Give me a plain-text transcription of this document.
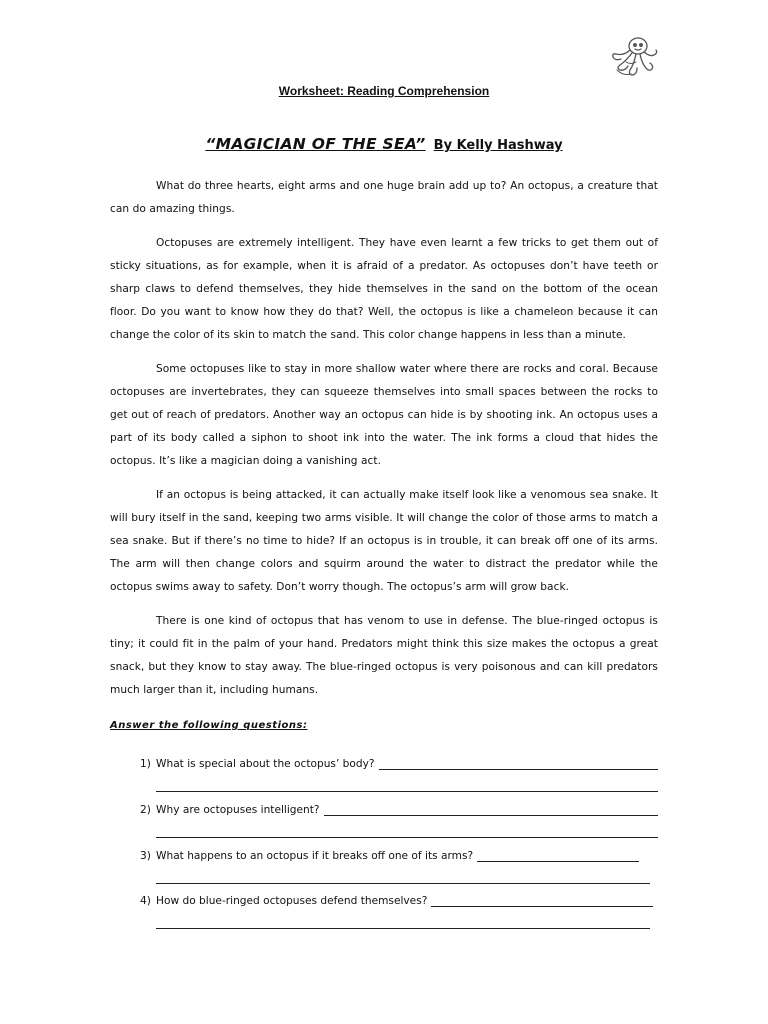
Worksheet: Reading Comprehension
“MAGICIAN OF THE SEA” By Kelly Hashway

What do three hearts, eight arms and one huge brain add up to? An octopus, a creature that can do amazing things.

Octopuses are extremely intelligent. They have even learnt a few tricks to get them out of sticky situations, as for example, when it is afraid of a predator. As octopuses don’t have teeth or sharp claws to defend themselves, they hide themselves in the sand on the bottom of the ocean floor. Do you want to know how they do that? Well, the octopus is like a chameleon because it can change the color of its skin to match the sand. This color change happens in less than a minute.

Some octopuses like to stay in more shallow water where there are rocks and coral. Because octopuses are invertebrates, they can squeeze themselves into small spaces between the rocks to get out of reach of predators. Another way an octopus can hide is by shooting ink. An octopus uses a part of its body called a siphon to shoot ink into the water. The ink forms a cloud that hides the octopus. It’s like a magician doing a vanishing act.

If an octopus is being attacked, it can actually make itself look like a venomous sea snake. It will bury itself in the sand, keeping two arms visible. It will change the color of those arms to match a sea snake. But if there’s no time to hide? If an octopus is in trouble, it can break off one of its arms. The arm will then change colors and squirm around the water to distract the predator while the octopus swims away to safety. Don’t worry though. The octopus’s arm will grow back.

There is one kind of octopus that has venom to use in defense. The blue-ringed octopus is tiny; it could fit in the palm of your hand. Predators might think this size makes the octopus a great snack, but they know to stay away. The blue-ringed octopus is very poisonous and can kill predators much larger than it, including humans.

Answer the following questions:
1) What is special about the octopus’ body?
2) Why are octopuses intelligent?
3) What happens to an octopus if it breaks off one of its arms?
4) How do blue-ringed octopuses defend themselves?
